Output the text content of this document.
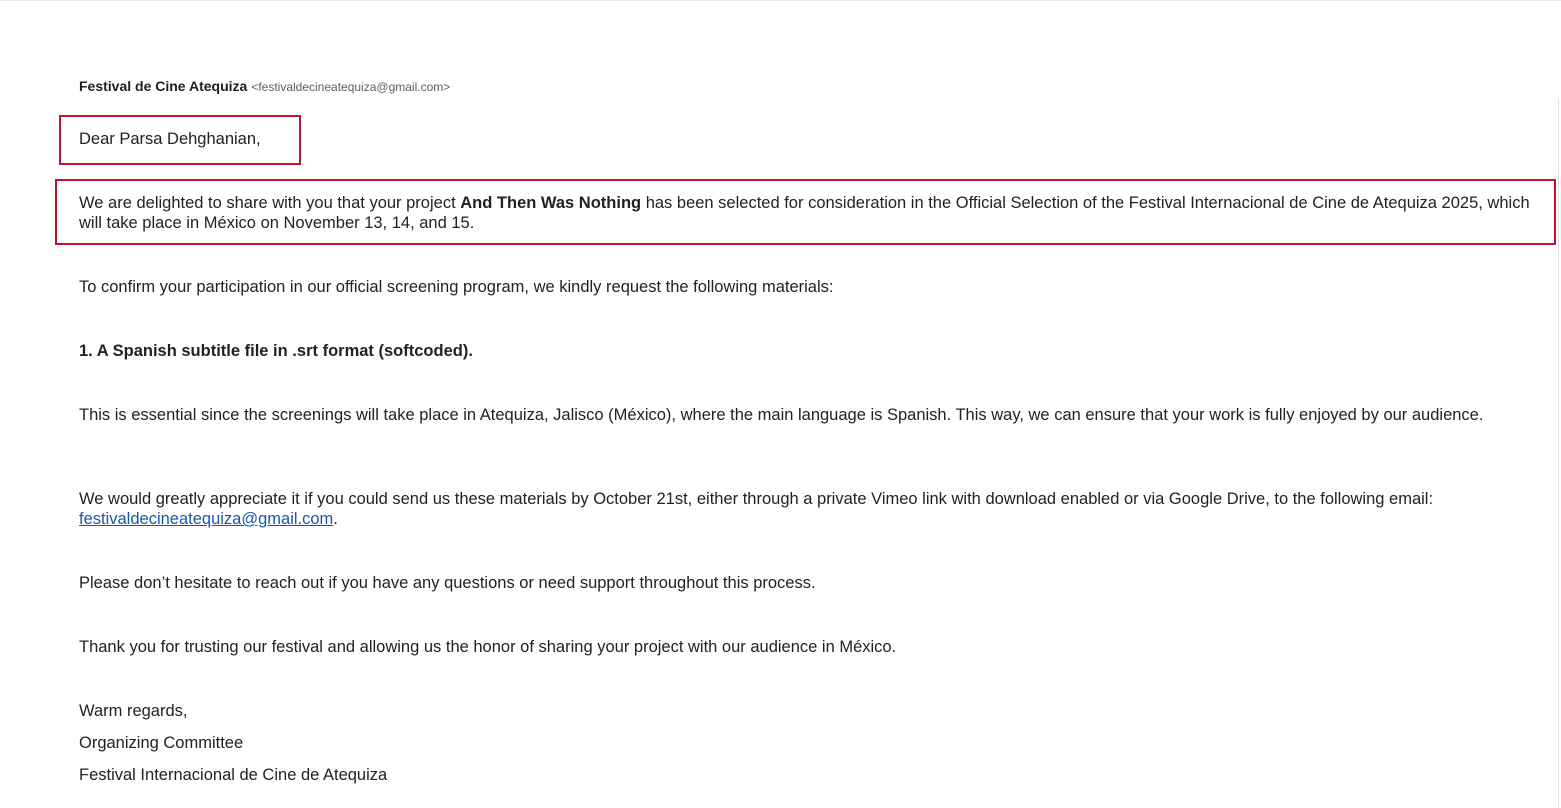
Festival de Cine Atequiza <festivaldecineatequiza@gmail.com>
Dear Parsa Dehghanian,
We are delighted to share with you that your project And Then Was Nothing has been selected for consideration in the Official Selection of the Festival Internacional de Cine de Atequiza 2025, which will take place in México on November 13, 14, and 15.
To confirm your participation in our official screening program, we kindly request the following materials:
1. A Spanish subtitle file in .srt format (softcoded).
This is essential since the screenings will take place in Atequiza, Jalisco (México), where the main language is Spanish. This way, we can ensure that your work is fully enjoyed by our audience.
We would greatly appreciate it if you could send us these materials by October 21st, either through a private Vimeo link with download enabled or via Google Drive, to the following email: festivaldecineatequiza@gmail.com.
Please don’t hesitate to reach out if you have any questions or need support throughout this process.
Thank you for trusting our festival and allowing us the honor of sharing your project with our audience in México.
Warm regards,
Organizing Committee
Festival Internacional de Cine de Atequiza
